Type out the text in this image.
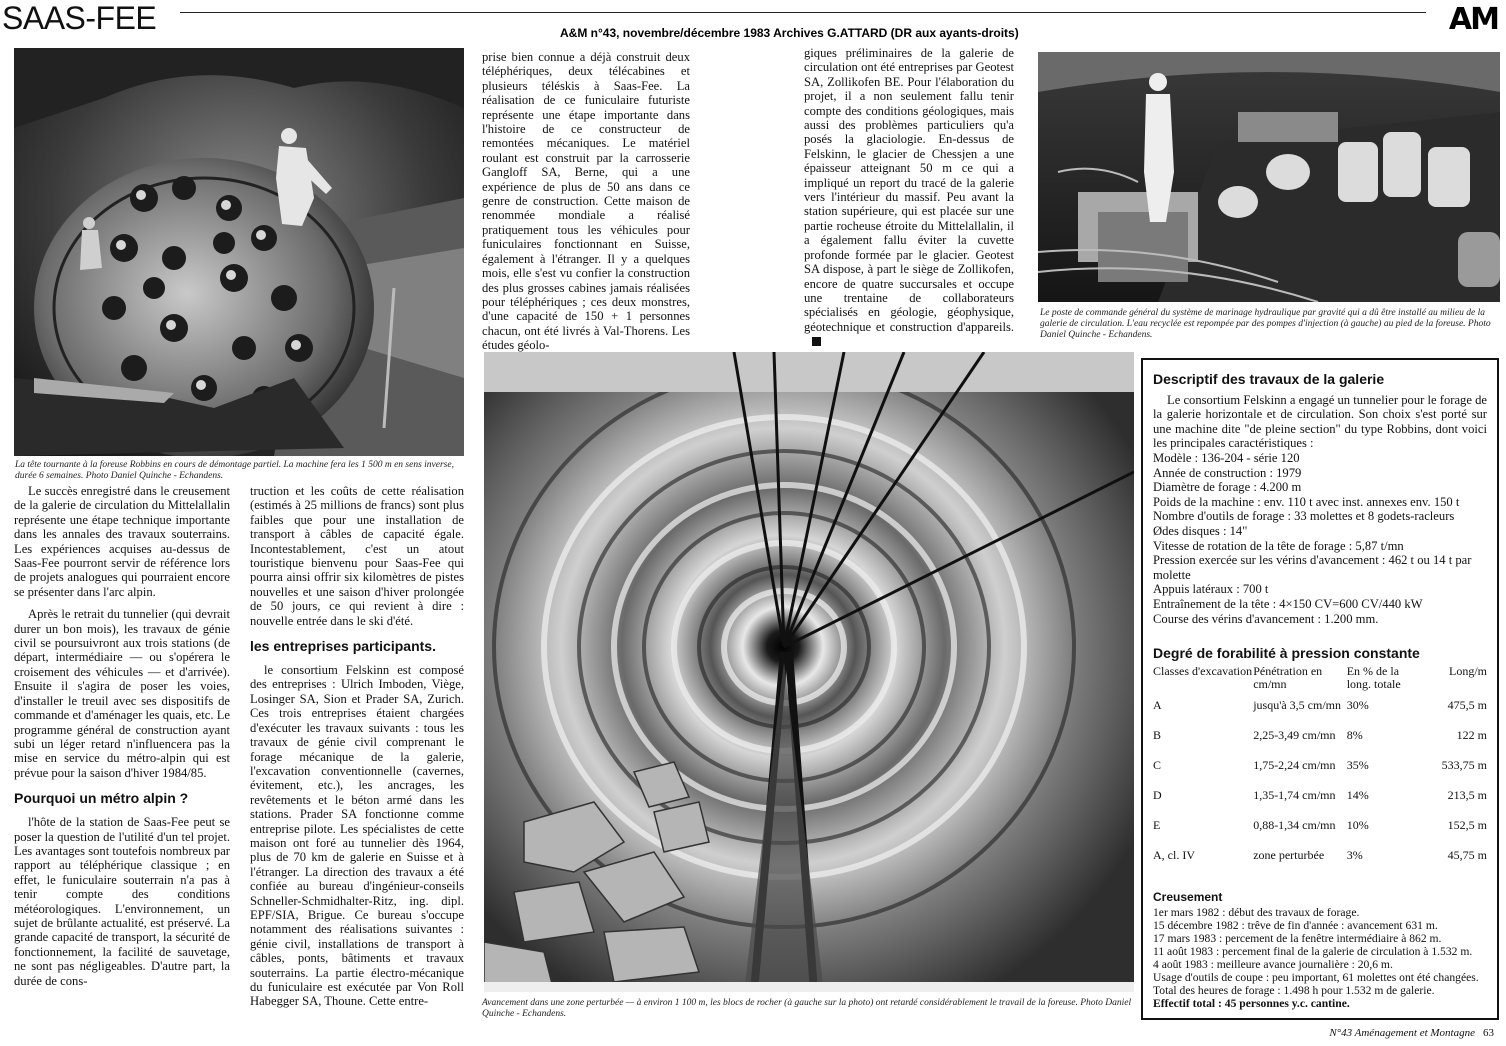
SAAS-FEE	A&M n°43, novembre/décembre 1983 Archives G.ATTARD (DR aux ayants-droits)	AM
La tête tournante à la foreuse Robbins en cours de démontage partiel. La machine fera les 1 500 m en sens inverse, durée 6 semaines. Photo Daniel Quinche - Echandens.

Le succès enregistré dans le creusement de la galerie de circulation du Mittelallalin représente une étape technique importante dans les annales des travaux souterrains. Les expériences acquises au-dessus de Saas-Fee pourront servir de référence lors de projets analogues qui pourraient encore se présenter dans l'arc alpin.

Après le retrait du tunnelier (qui devrait durer un bon mois), les travaux de génie civil se poursuivront aux trois stations (de départ, intermédiaire — ou s'opérera le croisement des véhicules — et d'arrivée). Ensuite il s'agira de poser les voies, d'installer le treuil avec ses dispositifs de commande et d'aménager les quais, etc. Le programme général de construction ayant subi un léger retard n'influencera pas la mise en service du métro-alpin qui est prévue pour la saison d'hiver 1984/85.

Pourquoi un métro alpin ?

l'hôte de la station de Saas-Fee peut se poser la question de l'utilité d'un tel projet. Les avantages sont toutefois nombreux par rapport au téléphérique classique ; en effet, le funiculaire souterrain n'a pas à tenir compte des conditions météorologiques. L'environnement, un sujet de brûlante actualité, est préservé. La grande capacité de transport, la sécurité de fonctionnement, la facilité de sauvetage, ne sont pas négligeables. D'autre part, la durée de cons-

truction et les coûts de cette réalisation (estimés à 25 millions de francs) sont plus faibles que pour une installation de transport à câbles de capacité égale. Incontestablement, c'est un atout touristique bienvenu pour Saas-Fee qui pourra ainsi offrir six kilomètres de pistes nouvelles et une saison d'hiver prolongée de 50 jours, ce qui revient à dire : nouvelle entrée dans le ski d'été.

les entreprises participants.

le consortium Felskinn est composé des entreprises : Ulrich Imboden, Viège, Losinger SA, Sion et Prader SA, Zurich. Ces trois entreprises étaient chargées d'exécuter les travaux suivants : tous les travaux de génie civil comprenant le forage mécanique de la galerie, l'excavation conventionnelle (cavernes, évitement, etc.), les ancrages, les revêtements et le béton armé dans les stations. Prader SA fonctionne comme entreprise pilote. Les spécialistes de cette maison ont foré au tunnelier dès 1964, plus de 70 km de galerie en Suisse et à l'étranger. La direction des travaux a été confiée au bureau d'ingénieur-conseils Schneller-Schmidhalter-Ritz, ing. dipl. EPF/SIA, Brigue. Ce bureau s'occupe notamment des réalisations suivantes : génie civil, installations de transport à câbles, ponts, bâtiments et travaux souterrains. La partie électro-mécanique du funiculaire est exécutée par Von Roll Habegger SA, Thoune. Cette entre-

prise bien connue a déjà construit deux téléphériques, deux télécabines et plusieurs téléskis à Saas-Fee. La réalisation de ce funiculaire futuriste représente une étape importante dans l'histoire de ce constructeur de remontées mécaniques. Le matériel roulant est construit par la carrosserie Gangloff SA, Berne, qui a une expérience de plus de 50 ans dans ce genre de construction. Cette maison de renommée mondiale a réalisé pratiquement tous les véhicules pour funiculaires fonctionnant en Suisse, également à l'étranger. Il y a quelques mois, elle s'est vu confier la construction des plus grosses cabines jamais réalisées pour téléphériques ; ces deux monstres, d'une capacité de 150 + 1 personnes chacun, ont été livrés à Val-Thorens. Les études géolo-

giques préliminaires de la galerie de circulation ont été entreprises par Geotest SA, Zollikofen BE. Pour l'élaboration du projet, il a non seulement fallu tenir compte des conditions géologiques, mais aussi des problèmes particuliers qu'a posés la glaciologie. En-dessus de Felskinn, le glacier de Chessjen a une épaisseur atteignant 50 m ce qui a impliqué un report du tracé de la galerie vers l'intérieur du massif. Peu avant la station supérieure, qui est placée sur une partie rocheuse étroite du Mittelallalin, il a également fallu éviter la cuvette profonde formée par le glacier. Geotest SA dispose, à part le siège de Zollikofen, encore de quatre succursales et occupe une trentaine de collaborateurs spécialisés en géologie, géophysique, géotechnique et construction d'appareils.

Le poste de commande général du système de marinage hydraulique par gravité qui a dû être installé au milieu de la galerie de circulation. L'eau recyclée est repompée par des pompes d'injection (à gauche) au pied de la foreuse. Photo Daniel Quinche - Echandens.
Avancement dans une zone perturbée — à environ 1 100 m, les blocs de rocher (à gauche sur la photo) ont retardé considérablement le travail de la foreuse. Photo Daniel Quinche - Echandens.
Descriptif des travaux de la galerie

Le consortium Felskinn a engagé un tunnelier pour le forage de la galerie horizontale et de circulation. Son choix s'est porté sur une machine dite "de pleine section" du type Robbins, dont voici les principales caractéristiques :

Modèle : 136-204 - série 120
Année de construction : 1979
Diamètre de forage : 4.200 m
Poids de la machine : env. 110 t avec inst. annexes env. 150 t
Nombre d'outils de forage : 33 molettes et 8 godets-racleurs
Ødes disques : 14"
Vitesse de rotation de la tête de forage : 5,87 t/mn
Pression exercée sur les vérins d'avancement : 462 t ou 14 t par molette
Appuis latéraux : 700 t
Entraînement de la tête : 4×150 CV=600 CV/440 kW
Course des vérins d'avancement : 1.200 mm.
Degré de forabilité à pression constante
Classes d'excavation	Pénétration en cm/mn	En % de la long. totale	Long/m
A	jusqu'à 3,5 cm/mn	30%	475,5 m
B	2,25-3,49 cm/mn	8%	122 m
C	1,75-2,24 cm/mn	35%	533,75 m
D	1,35-1,74 cm/mn	14%	213,5 m
E	0,88-1,34 cm/mn	10%	152,5 m
A, cl. IV	zone perturbée	3%	45,75 m
Creusement
1er mars 1982 : début des travaux de forage.
15 décembre 1982 : trêve de fin d'année : avancement 631 m.
17 mars 1983 : percement de la fenêtre intermédiaire à 862 m.
11 août 1983 : percement final de la galerie de circulation à 1.532 m.
4 août 1983 : meilleure avance journalière : 20,6 m.
Usage d'outils de coupe : peu important, 61 molettes ont été changées.
Total des heures de forage : 1.498 h pour 1.532 m de galerie.
Effectif total : 45 personnes y.c. cantine.
N°43 Aménagement et Montagne 63
